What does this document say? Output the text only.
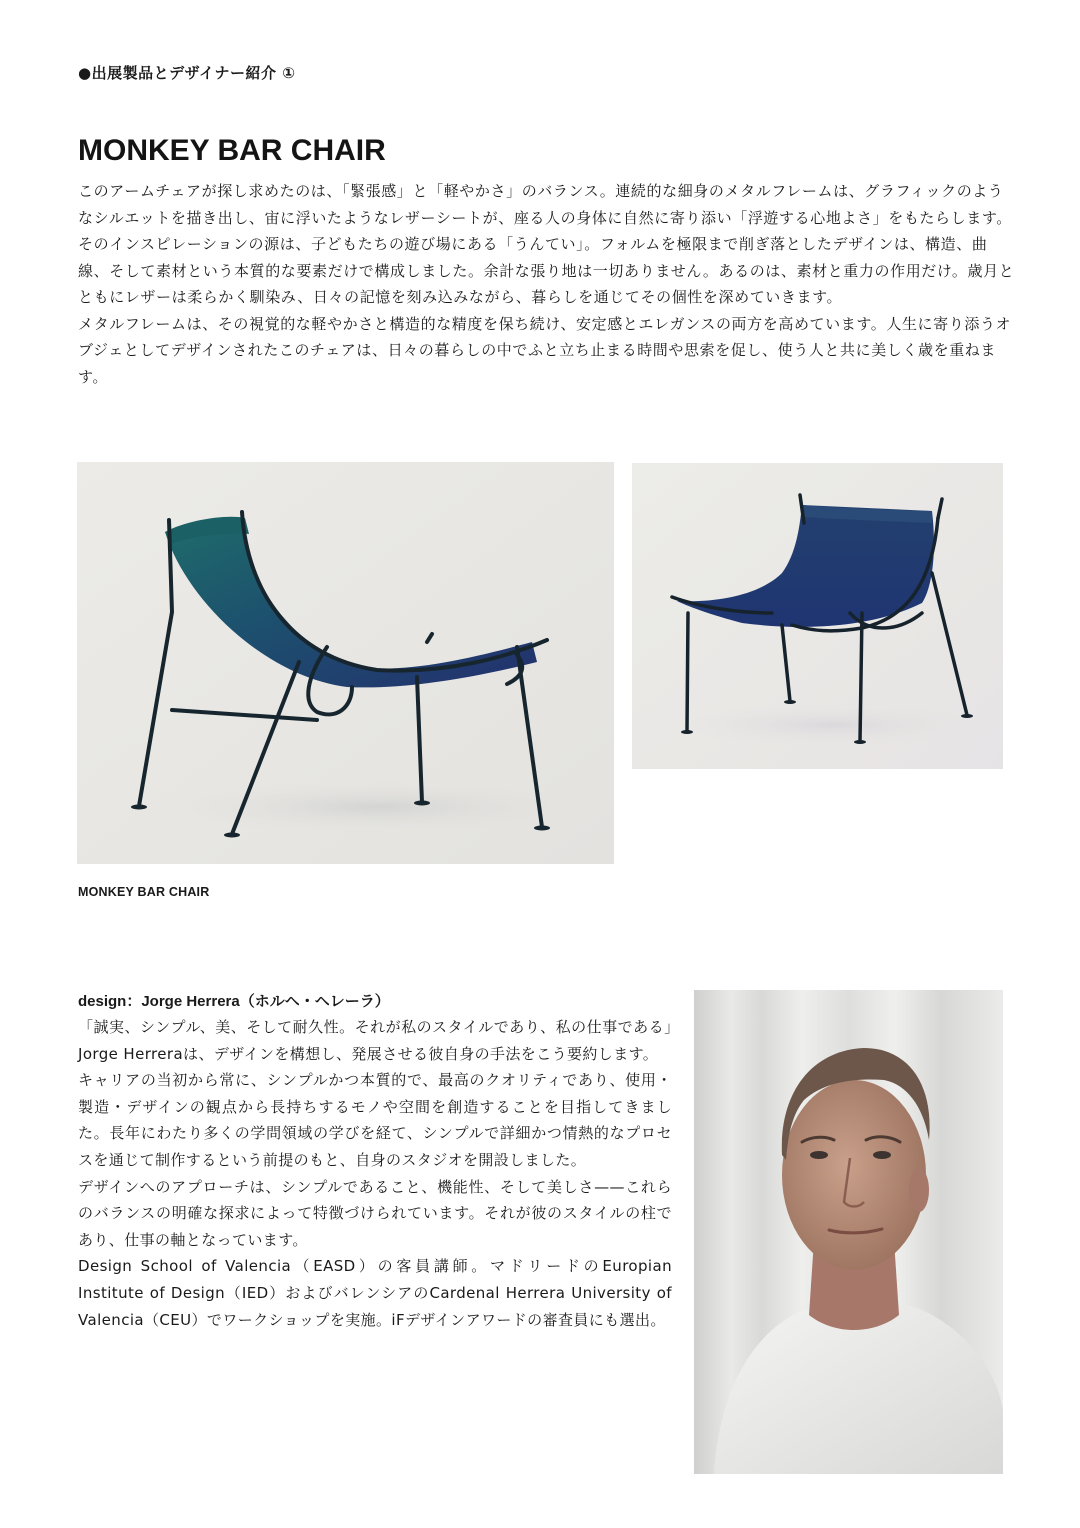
●出展製品とデザイナー紹介 ①
MONKEY BAR CHAIR

このアームチェアが探し求めたのは、「緊張感」と「軽やかさ」のバランス。連続的な細身のメタルフレームは、グラフィックのようなシルエットを描き出し、宙に浮いたようなレザーシートが、座る人の身体に自然に寄り添い「浮遊する心地よさ」をもたらします。

そのインスピレーションの源は、子どもたちの遊び場にある「うんてい」。フォルムを極限まで削ぎ落としたデザインは、構造、曲線、そして素材という本質的な要素だけで構成しました。余計な張り地は一切ありません。あるのは、素材と重力の作用だけ。歳月とともにレザーは柔らかく馴染み、日々の記憶を刻み込みながら、暮らしを通じてその個性を深めていきます。

メタルフレームは、その視覚的な軽やかさと構造的な精度を保ち続け、安定感とエレガンスの両方を高めています。人生に寄り添うオブジェとしてデザインされたこのチェアは、日々の暮らしの中でふと立ち止まる時間や思索を促し、使う人と共に美しく歳を重ねます。

MONKEY BAR CHAIR
design：Jorge Herrera（ホルヘ・ヘレーラ）

「誠実、シンプル、美、そして耐久性。それが私のスタイルであり、私の仕事である」Jorge Herreraは、デザインを構想し、発展させる彼自身の手法をこう要約します。

キャリアの当初から常に、シンプルかつ本質的で、最高のクオリティであり、使用・製造・デザインの観点から長持ちするモノや空間を創造することを目指してきました。長年にわたり多くの学問領域の学びを経て、シンプルで詳細かつ情熱的なプロセスを通じて制作するという前提のもと、自身のスタジオを開設しました。

デザインへのアプローチは、シンプルであること、機能性、そして美しさ——これらのバランスの明確な探求によって特徴づけられています。それが彼のスタイルの柱であり、仕事の軸となっています。

Design School of Valencia（EASD）の客員講師。マドリードのEuropian Institute of Design（IED）およびバレンシアのCardenal Herrera University of Valencia（CEU）でワークショップを実施。iFデザインアワードの審査員にも選出。
